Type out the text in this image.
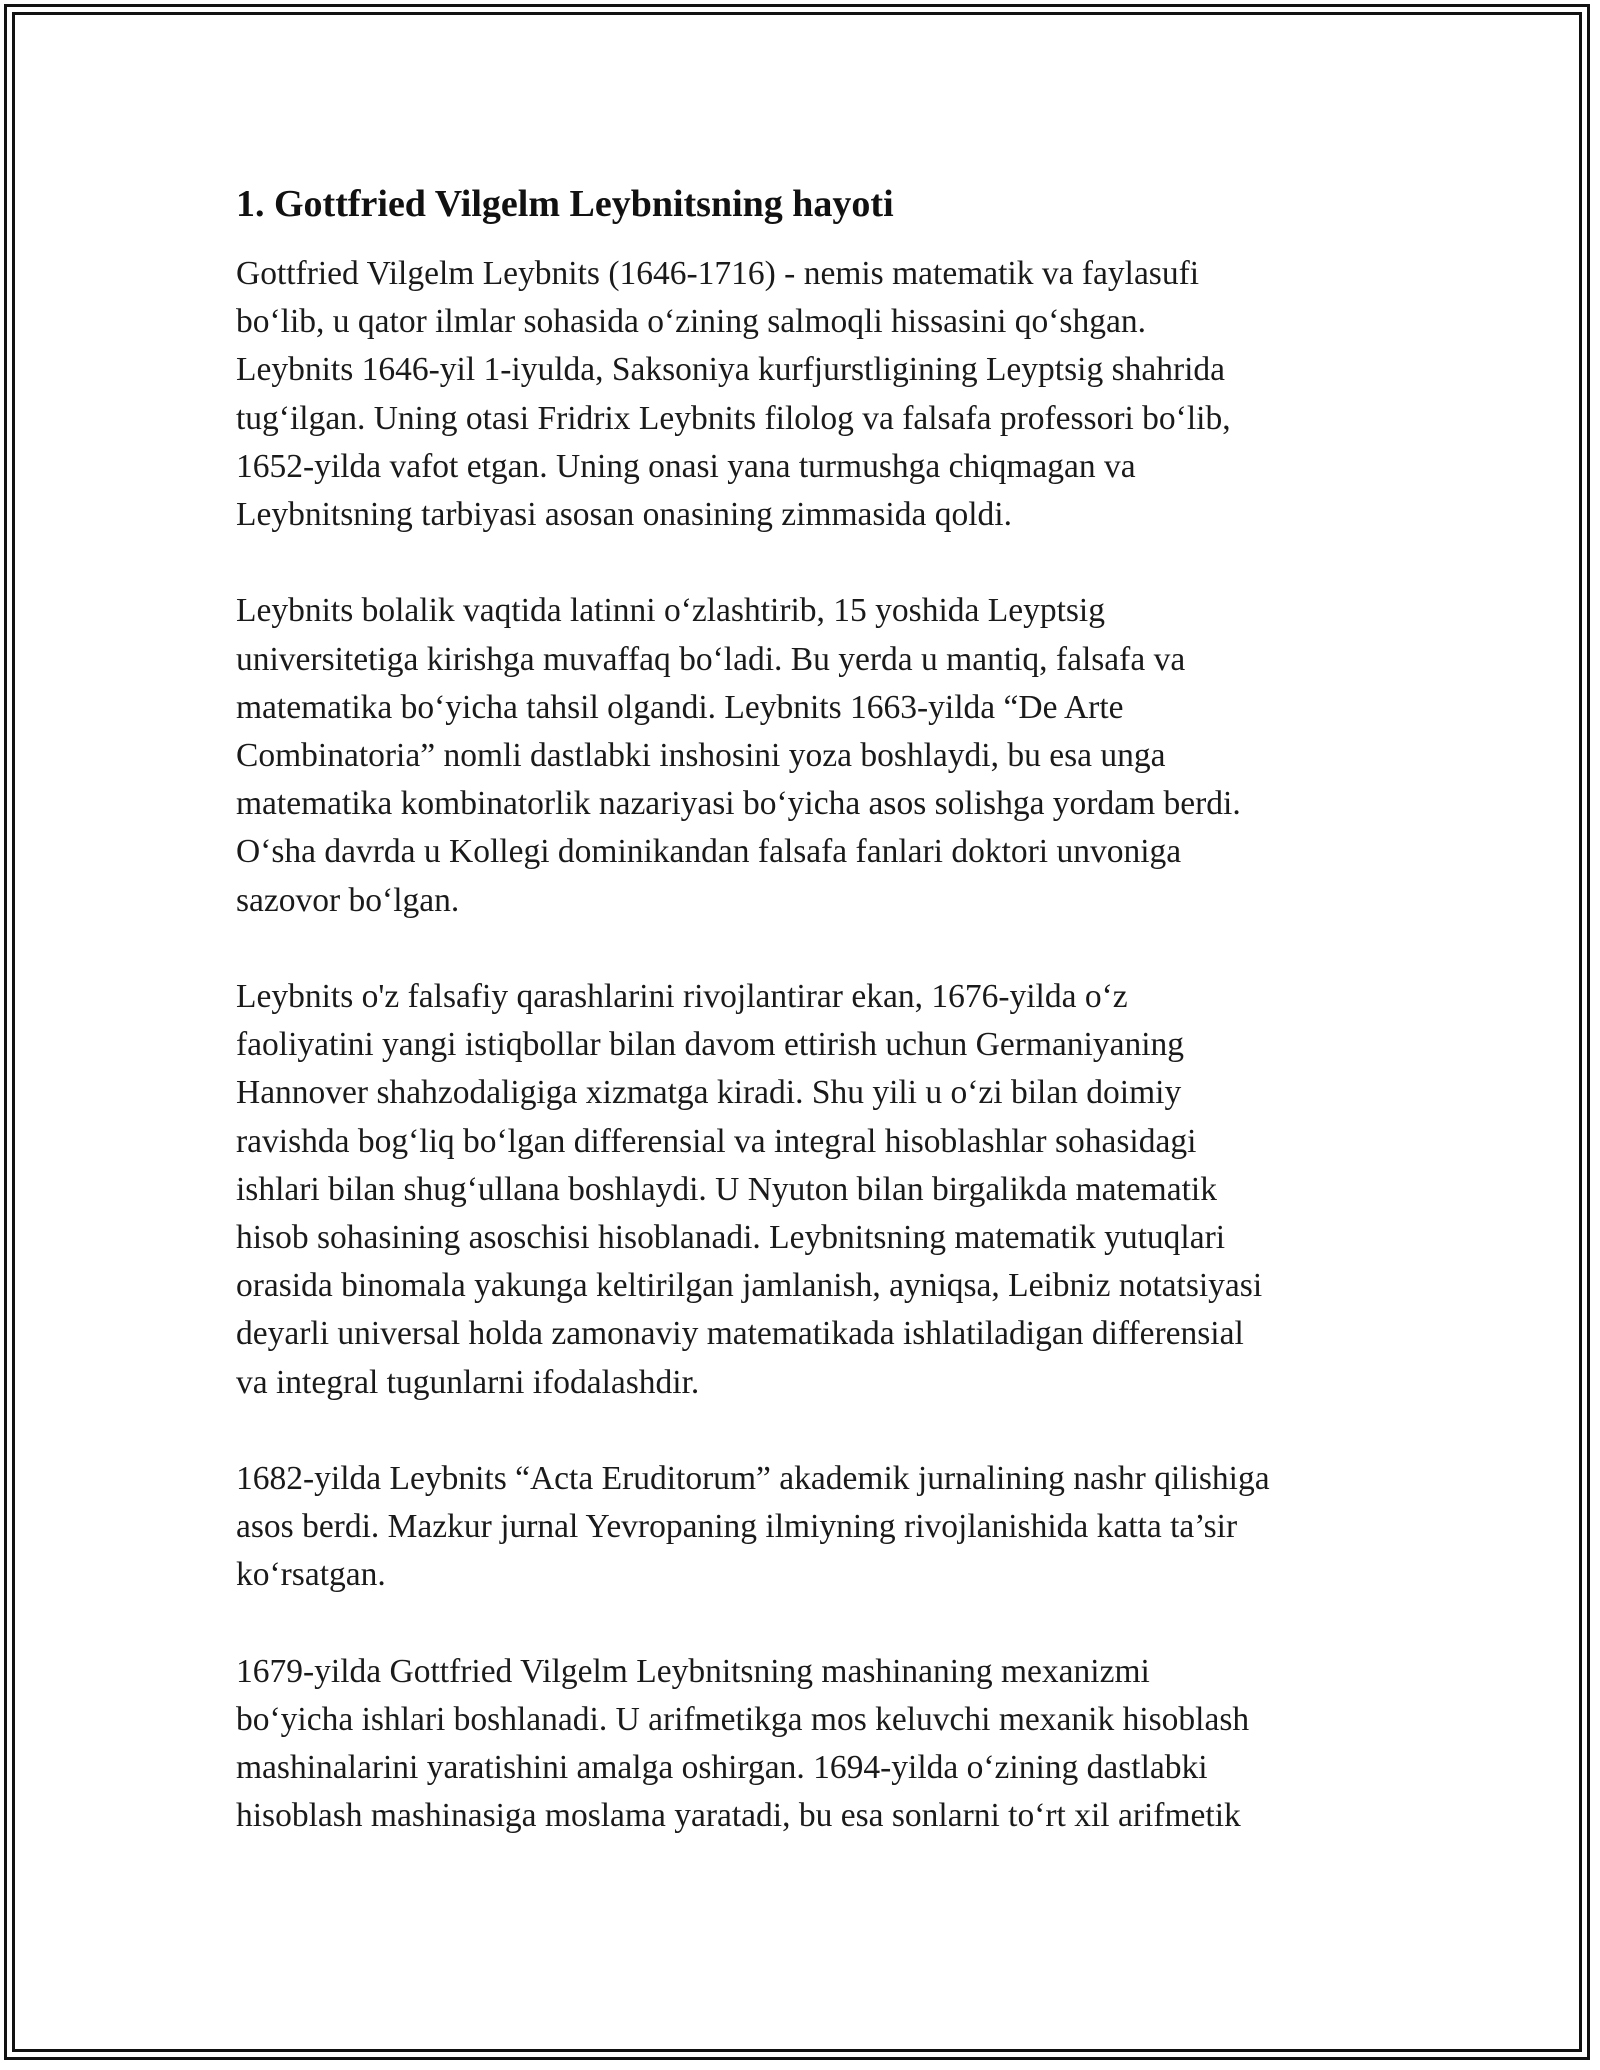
1. Gottfried Vilgelm Leybnitsning hayoti
Gottfried Vilgelm Leybnits (1646-1716) - nemis matematik va faylasufi
bo‘lib, u qator ilmlar sohasida o‘zining salmoqli hissasini qo‘shgan.
Leybnits 1646-yil 1-iyulda, Saksoniya kurfjurstligining Leyptsig shahrida
tug‘ilgan. Uning otasi Fridrix Leybnits filolog va falsafa professori bo‘lib,
1652-yilda vafot etgan. Uning onasi yana turmushga chiqmagan va
Leybnitsning tarbiyasi asosan onasining zimmasida qoldi.
Leybnits bolalik vaqtida latinni o‘zlashtirib, 15 yoshida Leyptsig
universitetiga kirishga muvaffaq bo‘ladi. Bu yerda u mantiq, falsafa va
matematika bo‘yicha tahsil olgandi. Leybnits 1663-yilda “De Arte
Combinatoria” nomli dastlabki inshosini yoza boshlaydi, bu esa unga
matematika kombinatorlik nazariyasi bo‘yicha asos solishga yordam berdi.
O‘sha davrda u Kollegi dominikandan falsafa fanlari doktori unvoniga
sazovor bo‘lgan.
Leybnits o'z falsafiy qarashlarini rivojlantirar ekan, 1676-yilda o‘z
faoliyatini yangi istiqbollar bilan davom ettirish uchun Germaniyaning
Hannover shahzodaligiga xizmatga kiradi. Shu yili u o‘zi bilan doimiy
ravishda bog‘liq bo‘lgan differensial va integral hisoblashlar sohasidagi
ishlari bilan shug‘ullana boshlaydi. U Nyuton bilan birgalikda matematik
hisob sohasining asoschisi hisoblanadi. Leybnitsning matematik yutuqlari
orasida binomala yakunga keltirilgan jamlanish, ayniqsa, Leibniz notatsiyasi
deyarli universal holda zamonaviy matematikada ishlatiladigan differensial
va integral tugunlarni ifodalashdir.
1682-yilda Leybnits “Acta Eruditorum” akademik jurnalining nashr qilishiga
asos berdi. Mazkur jurnal Yevropaning ilmiyning rivojlanishida katta ta’sir
ko‘rsatgan.
1679-yilda Gottfried Vilgelm Leybnitsning mashinaning mexanizmi
bo‘yicha ishlari boshlanadi. U arifmetikga mos keluvchi mexanik hisoblash
mashinalarini yaratishini amalga oshirgan. 1694-yilda o‘zining dastlabki
hisoblash mashinasiga moslama yaratadi, bu esa sonlarni to‘rt xil arifmetik
